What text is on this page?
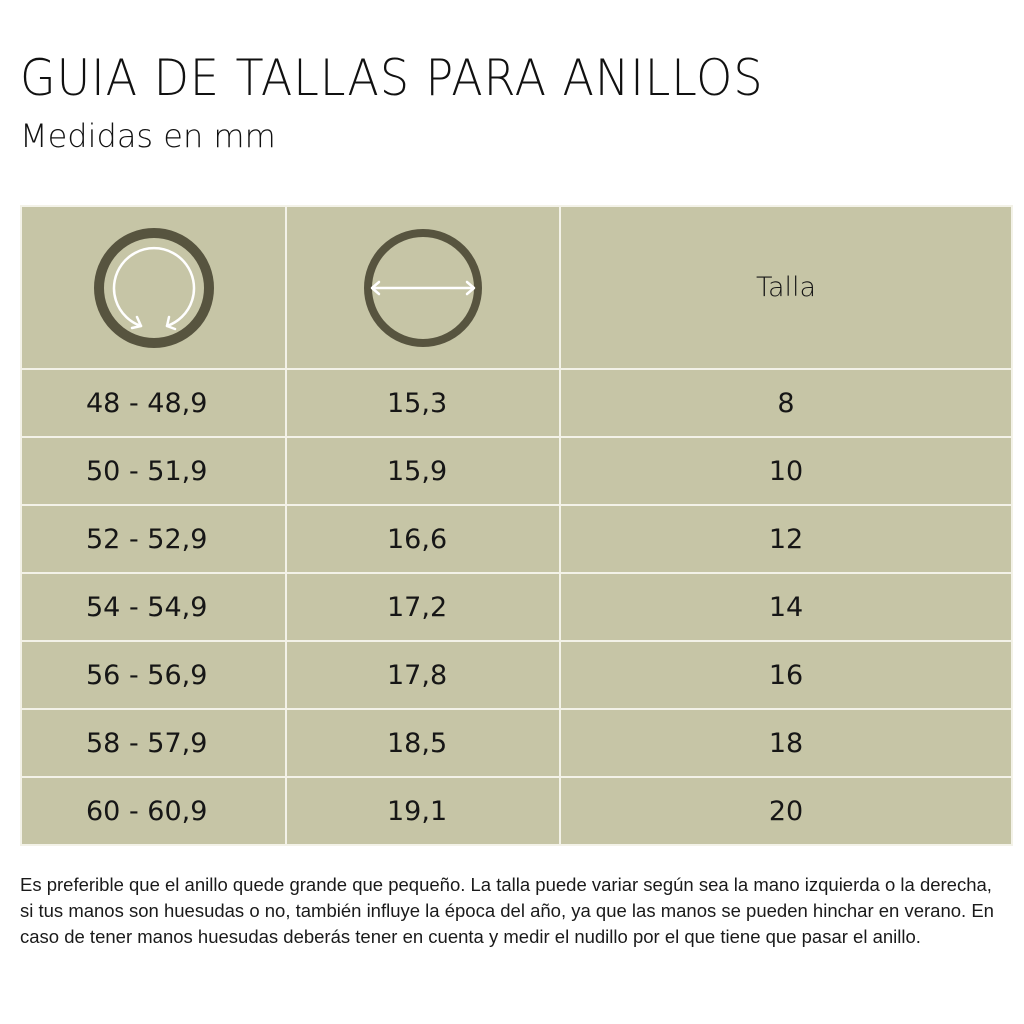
GUIA DE TALLAS PARA ANILLOS
Medidas en mm

	Talla
48 - 48,9	15,3	8
50 - 51,9	15,9	10
52 - 52,9	16,6	12
54 - 54,9	17,2	14
56 - 56,9	17,8	16
58 - 57,9	18,5	18
60 - 60,9	19,1	20

Es preferible que el anillo quede grande que pequeño. La talla puede variar según sea la mano izquierda o la derecha, si tus manos son huesudas o no, también influye la época del año, ya que las manos se pueden hinchar en verano. En caso de tener manos huesudas deberás tener en cuenta y medir el nudillo por el que tiene que pasar el anillo.
